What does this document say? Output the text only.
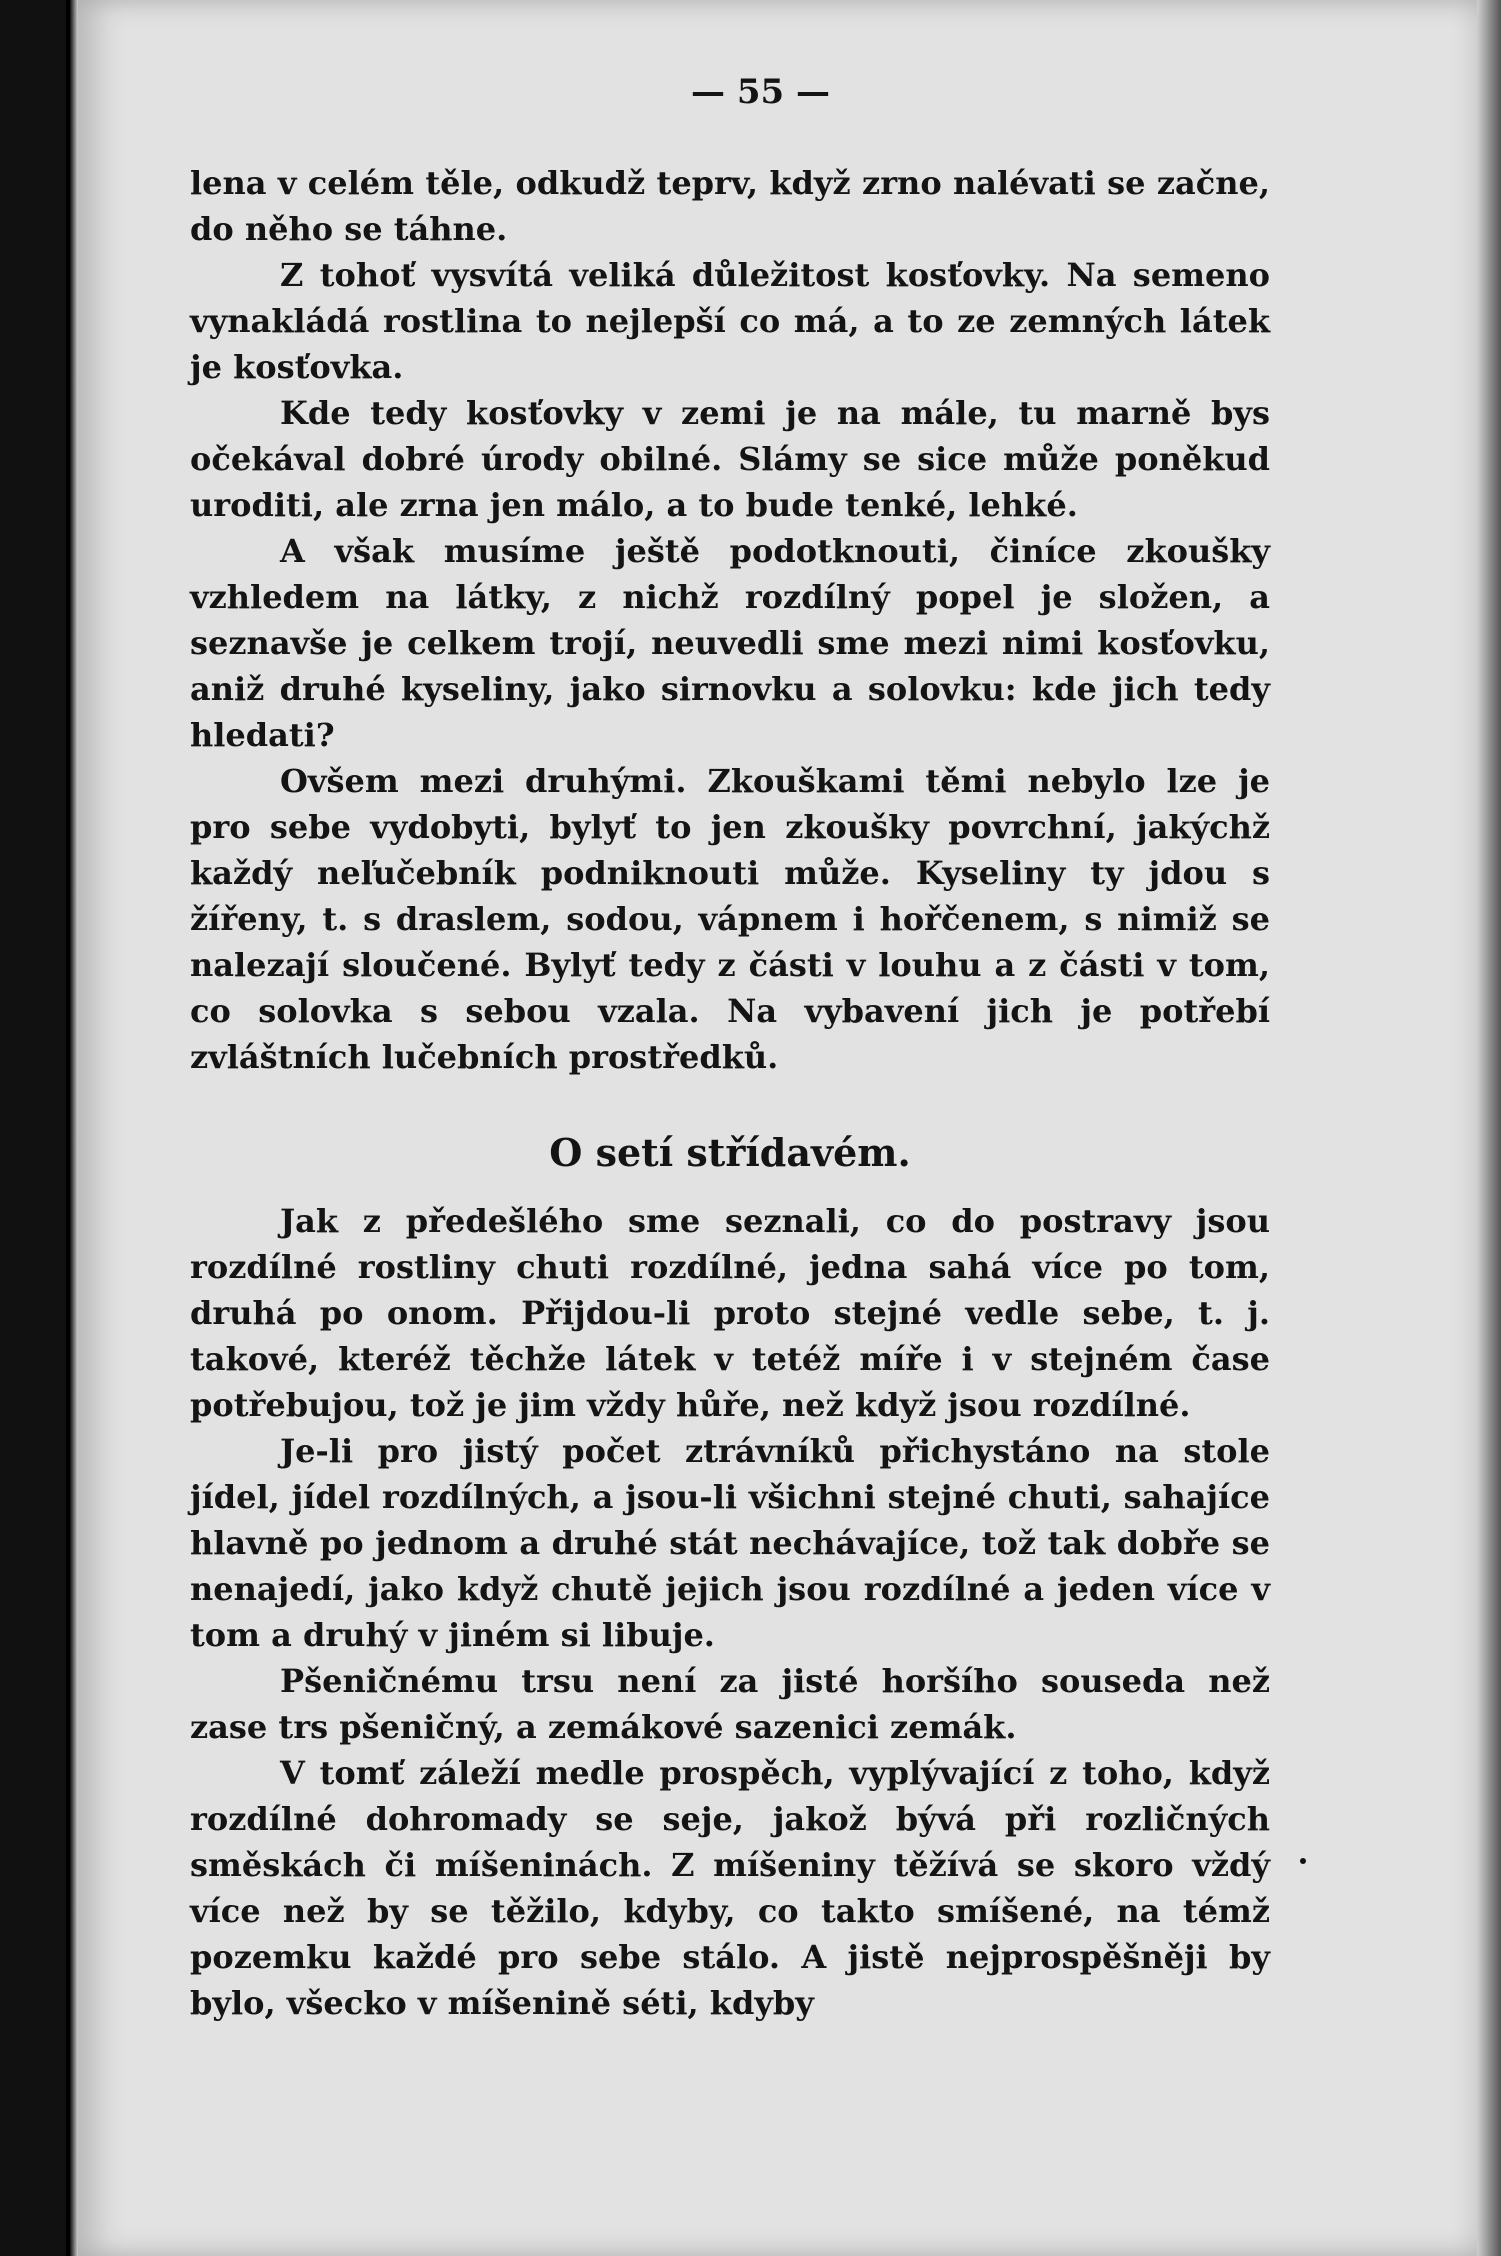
— 55 —

lena v celém těle, odkudž teprv, když zrno nalévati se začne, do něho se táhne.

Z tohoť vysvítá veliká důležitost kosťovky. Na semeno vynakládá rostlina to nejlepší co má, a to ze zemných látek je kosťovka.

Kde tedy kosťovky v zemi je na mále, tu marně bys očekával dobré úrody obilné. Slámy se sice může poněkud uroditi, ale zrna jen málo, a to bude tenké, lehké.

A však musíme ještě podotknouti, činíce zkoušky vzhledem na látky, z nichž rozdílný popel je složen, a seznavše je celkem trojí, neuvedli sme mezi nimi kosťovku, aniž druhé kyseliny, jako sirnovku a solovku: kde jich tedy hledati?

Ovšem mezi druhými. Zkouškami těmi nebylo lze je pro sebe vydobyti, bylyť to jen zkoušky povrchní, jakýchž každý neľučebník podniknouti může. Kyseliny ty jdou s žířeny, t. s draslem, sodou, vápnem i hořčenem, s nimiž se nalezají sloučené. Bylyť tedy z části v louhu a z části v tom, co solovka s sebou vzala. Na vybavení jich je potřebí zvláštních lučebních prostředků.

O setí střídavém.

Jak z předešlého sme seznali, co do postravy jsou rozdílné rostliny chuti rozdílné, jedna sahá více po tom, druhá po onom. Přijdou-li proto stejné vedle sebe, t. j. takové, kteréž těchže látek v tetéž míře i v stejném čase potřebujou, tož je jim vždy hůře, než když jsou rozdílné.

Je-li pro jistý počet ztrávníků přichystáno na stole jídel, jídel rozdílných, a jsou-li všichni stejné chuti, sahajíce hlavně po jednom a druhé stát nechávajíce, tož tak dobře se nenajedí, jako když chutě jejich jsou rozdílné a jeden více v tom a druhý v jiném si libuje.

Pšeničnému trsu není za jisté horšího souseda než zase trs pšeničný, a zemákové sazenici zemák.

V tomť záleží medle prospěch, vyplývající z toho, když rozdílné dohromady se seje, jakož bývá při rozličných směskách či míšeninách. Z míšeniny těžívá se skoro vždý více než by se těžilo, kdyby, co takto smíšené, na témž pozemku každé pro sebe stálo. A jistě nejprospěšněji by bylo, všecko v míšenině séti, kdyby
